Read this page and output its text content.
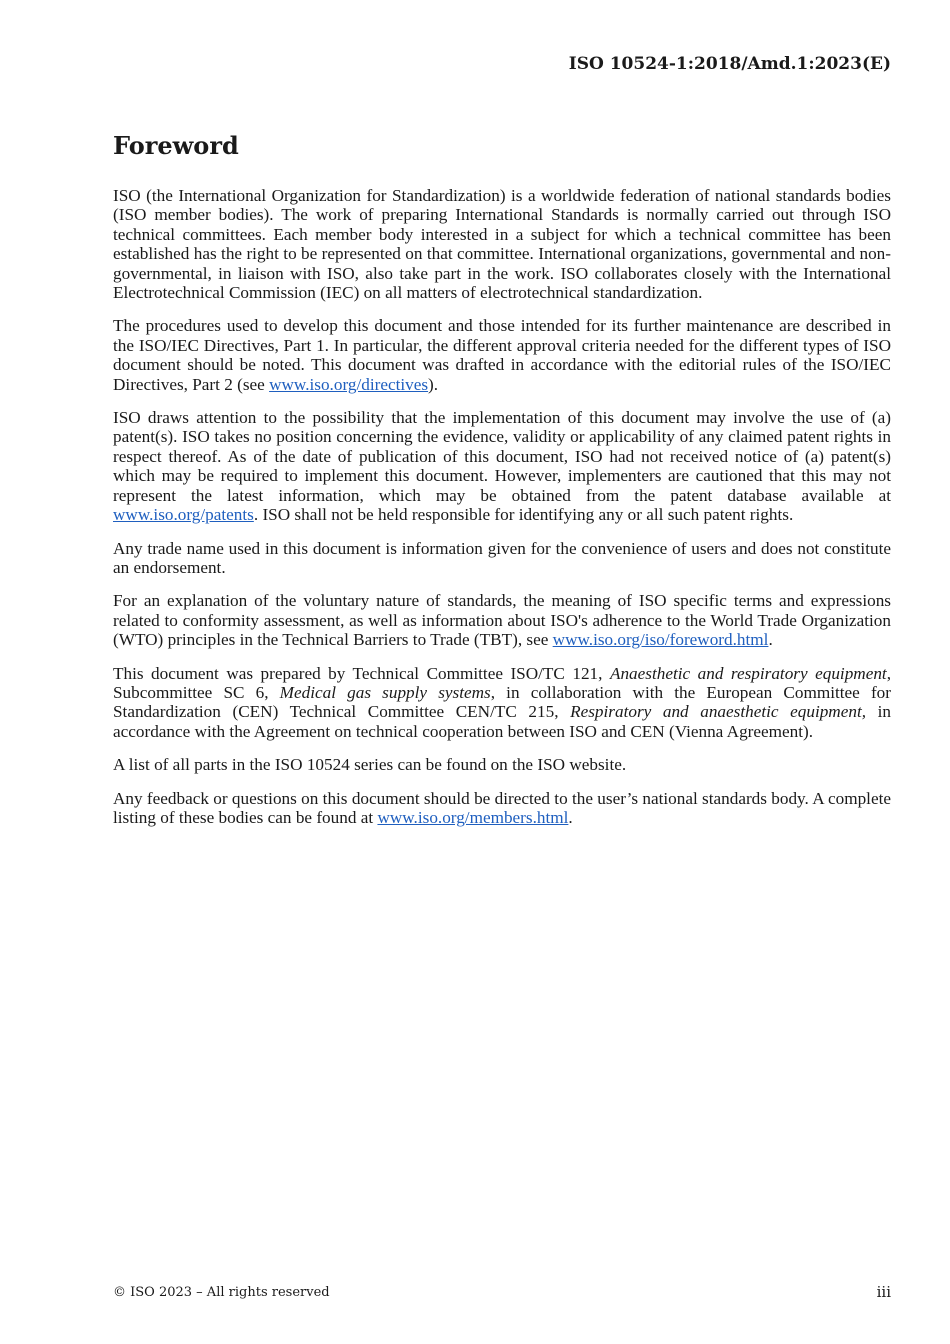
ISO 10524-1:2018/Amd.1:2023(E)

Foreword

ISO (the International Organization for Standardization) is a worldwide federation of national standards bodies (ISO member bodies). The work of preparing International Standards is normally carried out through ISO technical committees. Each member body interested in a subject for which a technical committee has been established has the right to be represented on that committee. International organizations, governmental and non-governmental, in liaison with ISO, also take part in the work. ISO collaborates closely with the International Electrotechnical Commission (IEC) on all matters of electrotechnical standardization.

The procedures used to develop this document and those intended for its further maintenance are described in the ISO/IEC Directives, Part 1. In particular, the different approval criteria needed for the different types of ISO document should be noted. This document was drafted in accordance with the editorial rules of the ISO/IEC Directives, Part 2 (see www.iso.org/directives).

ISO draws attention to the possibility that the implementation of this document may involve the use of (a) patent(s). ISO takes no position concerning the evidence, validity or applicability of any claimed patent rights in respect thereof. As of the date of publication of this document, ISO had not received notice of (a) patent(s) which may be required to implement this document. However, implementers are cautioned that this may not represent the latest information, which may be obtained from the patent database available at www.iso.org/patents. ISO shall not be held responsible for identifying any or all such patent rights.

Any trade name used in this document is information given for the convenience of users and does not constitute an endorsement.

For an explanation of the voluntary nature of standards, the meaning of ISO specific terms and expressions related to conformity assessment, as well as information about ISO's adherence to the World Trade Organization (WTO) principles in the Technical Barriers to Trade (TBT), see www.iso.org/iso/foreword.html.

This document was prepared by Technical Committee ISO/TC 121, Anaesthetic and respiratory equipment, Subcommittee SC 6, Medical gas supply systems, in collaboration with the European Committee for Standardization (CEN) Technical Committee CEN/TC 215, Respiratory and anaesthetic equipment, in accordance with the Agreement on technical cooperation between ISO and CEN (Vienna Agreement).

A list of all parts in the ISO 10524 series can be found on the ISO website.

Any feedback or questions on this document should be directed to the user’s national standards body. A complete listing of these bodies can be found at www.iso.org/members.html.

© ISO 2023 – All rights reserved	iii
